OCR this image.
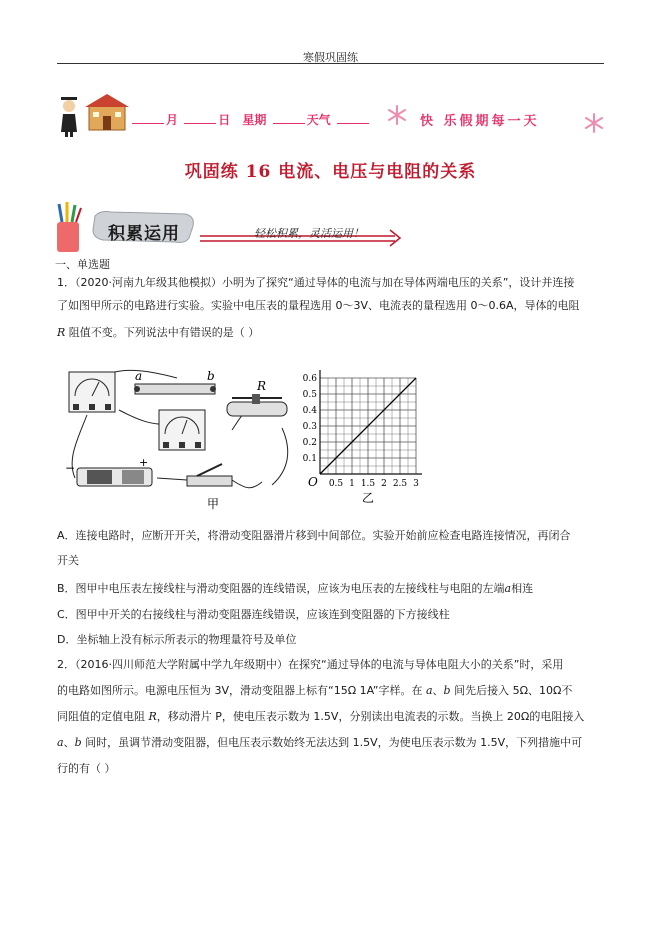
寒假巩固练
月	日 星期	天气	快 乐假期每一天
巩固练 16 电流、电压与电阻的关系
积累运用	轻松积累，灵活运用！
一、单选题

1．（2020·河南九年级其他模拟）小明为了探究“通过导体的电流与加在导体两端电压的关系”，设计并连接

了如图甲所示的电路进行实验。实验中电压表的量程选用 0～3V、电流表的量程选用 0～0.6A，导体的电阻

R 阻值不变。下列说法中有错误的是（ ）

a	b
R
−	+
甲
0.5 1 1.5 2 2.5 3
0.1
0.2
0.3
0.4
0.5
0.6
O
乙

A．连接电路时，应断开开关，将滑动变阻器滑片移到中间部位。实验开始前应检查电路连接情况，再闭合

开关

B．图甲中电压表左接线柱与滑动变阻器的连线错误，应该为电压表的左接线柱与电阻的左端a相连

C．图甲中开关的右接线柱与滑动变阻器连线错误，应该连到变阻器的下方接线柱

D．坐标轴上没有标示所表示的物理量符号及单位

2．（2016·四川师范大学附属中学九年级期中）在探究“通过导体的电流与导体电阻大小的关系”时，采用

的电路如图所示。电源电压恒为 3V，滑动变阻器上标有“15Ω 1A”字样。在 a、b 间先后接入 5Ω、10Ω不

同阻值的定值电阻 R，移动滑片 P，使电压表示数为 1.5V，分别读出电流表的示数。当换上 20Ω的电阻接入

a、b 间时，虽调节滑动变阻器，但电压表示数始终无法达到 1.5V，为使电压表示数为 1.5V，下列措施中可

行的有（ ）
